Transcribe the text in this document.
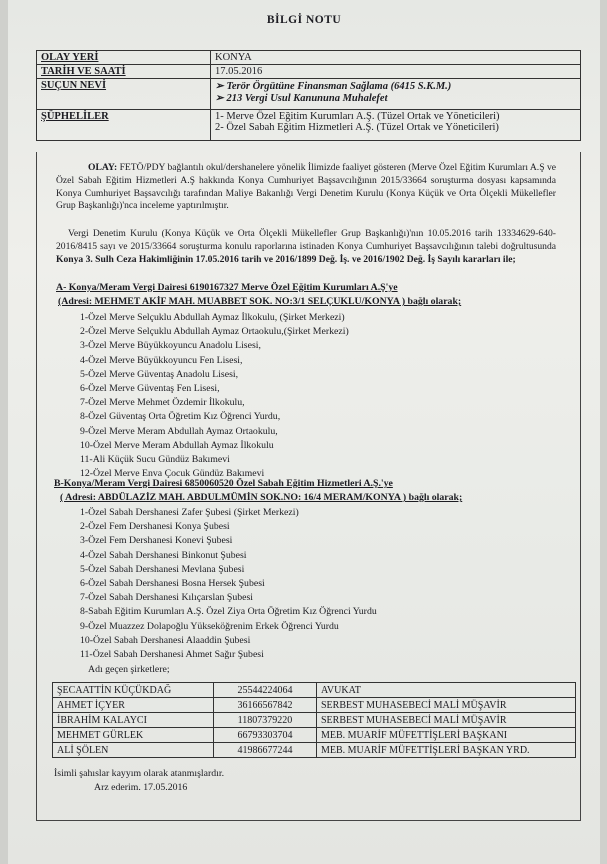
BİLGİ NOTU
OLAY YERİ	KONYA
TARİH VE SAATİ	17.05.2016
SUÇUN NEVİ	➢ Terör Örgütüne Finansman Sağlama (6415 S.K.M.)
➢ 213 Vergi Usul Kanununa Muhalefet

ŞÜPHELİLER	1- Merve Özel Eğitim Kurumları A.Ş. (Tüzel Ortak ve Yöneticileri)
2- Özel Sabah Eğitim Hizmetleri A.Ş. (Tüzel Ortak ve Yöneticileri)
OLAY: FETÖ/PDY bağlantılı okul/dershanelere yönelik İlimizde faaliyet gösteren (Merve Özel Eğitim Kurumları A.Ş ve Özel Sabah Eğitim Hizmetleri A.Ş hakkında Konya Cumhuriyet Başsavcılığının 2015/33664 soruşturma dosyası kapsamında Konya Cumhuriyet Başsavcılığı tarafından Maliye Bakanlığı Vergi Denetim Kurulu (Konya Küçük ve Orta Ölçekli Mükellefler Grup Başkanlığı)'nca inceleme yaptırılmıştır.
Vergi Denetim Kurulu (Konya Küçük ve Orta Ölçekli Mükellefler Grup Başkanlığı)'nın 10.05.2016 tarih 13334629-640-2016/8415 sayı ve 2015/33664 soruşturma konulu raporlarına istinaden Konya Cumhuriyet Başsavcılığının talebi doğrultusunda Konya 3. Sulh Ceza Hakimliğinin 17.05.2016 tarih ve 2016/1899 Değ. İş. ve 2016/1902 Değ. İş Sayılı kararları ile;
A- Konya/Meram Vergi Dairesi 6190167327 Merve Özel Eğitim Kurumları A.Ş'ye
(Adresi: MEHMET AKİF MAH. MUABBET SOK. NO:3/1 SELÇUKLU/KONYA ) bağlı olarak;
1-Özel Merve Selçuklu Abdullah Aymaz İlkokulu, (Şirket Merkezi)
2-Özel Merve Selçuklu Abdullah Aymaz Ortaokulu,(Şirket Merkezi)
3-Özel Merve Büyükkoyuncu Anadolu Lisesi,
4-Özel Merve Büyükkoyuncu Fen Lisesi,
5-Özel Merve Güventaş Anadolu Lisesi,
6-Özel Merve Güventaş Fen Lisesi,
7-Özel Merve Mehmet Özdemir İlkokulu,
8-Özel Güventaş Orta Öğretim Kız Öğrenci Yurdu,
9-Özel Merve Meram Abdullah Aymaz Ortaokulu,
10-Özel Merve Meram Abdullah Aymaz İlkokulu
11-Ali Küçük Sucu Gündüz Bakımevi
12-Özel Merve Enva Çocuk Gündüz Bakımevi
B-Konya/Meram Vergi Dairesi 6850060520 Özel Sabah Eğitim Hizmetleri A.Ş.'ye
( Adresi: ABDÜLAZİZ MAH. ABDULMÜMİN SOK.NO: 16/4 MERAM/KONYA ) bağlı olarak;
1-Özel Sabah Dershanesi Zafer Şubesi (Şirket Merkezi)
2-Özel Fem Dershanesi Konya Şubesi
3-Özel Fem Dershanesi Konevi Şubesi
4-Özel Sabah Dershanesi Binkonut Şubesi
5-Özel Sabah Dershanesi Mevlana Şubesi
6-Özel Sabah Dershanesi Bosna Hersek Şubesi
7-Özel Sabah Dershanesi Kılıçarslan Şubesi
8-Sabah Eğitim Kurumları A.Ş. Özel Ziya Orta Öğretim Kız Öğrenci Yurdu
9-Özel Muazzez Dolapoğlu Yükseköğrenim Erkek Öğrenci Yurdu
10-Özel Sabah Dershanesi Alaaddin Şubesi
11-Özel Sabah Dershanesi Ahmet Sağır Şubesi
Adı geçen şirketlere;
ŞECAATTİN KÜÇÜKDAĞ	25544224064	AVUKAT
AHMET İÇYER	36166567842	SERBEST MUHASEBECİ MALİ MÜŞAVİR
İBRAHİM KALAYCI	11807379220	SERBEST MUHASEBECİ MALİ MÜŞAVİR
MEHMET GÜRLEK	66793303704	MEB. MUARİF MÜFETTİŞLERİ BAŞKANI
ALİ ŞÖLEN	41986677244	MEB. MUARİF MÜFETTİŞLERİ BAŞKAN YRD.
İsimli şahıslar kayyım olarak atanmışlardır.
Arz ederim. 17.05.2016
